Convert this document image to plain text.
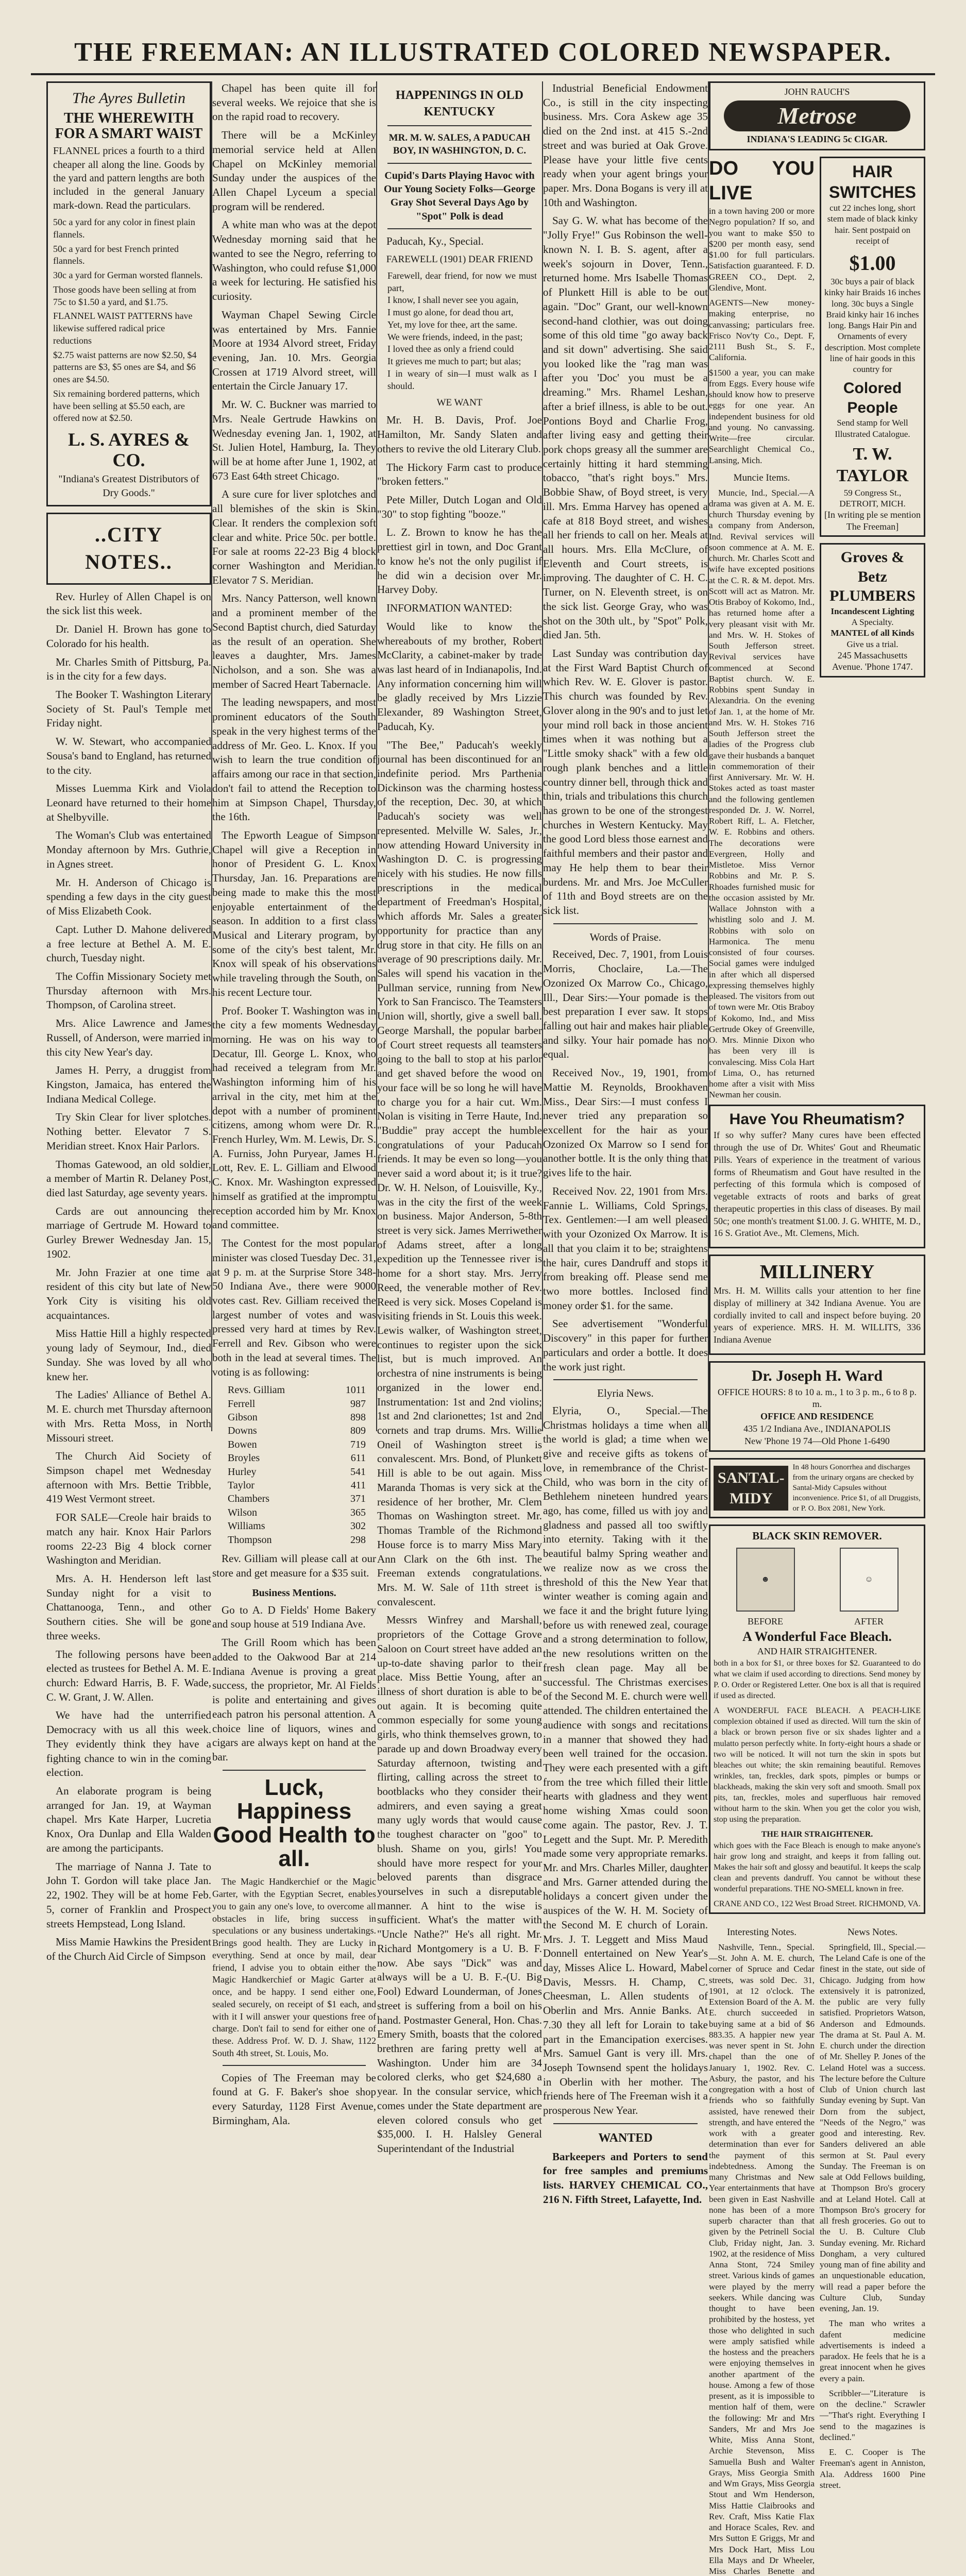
THE FREEMAN: AN ILLUSTRATED COLORED NEWSPAPER.
The Ayres Bulletin
THE WHEREWITH FOR A SMART WAIST

FLANNEL prices a fourth to a third cheaper all along the line. Goods by the yard and pattern lengths are both included in the general January mark-down. Read the particulars.

50c a yard for any color in finest plain flannels.

50c a yard for best French printed flannels.

30c a yard for German worsted flannels.

Those goods have been selling at from 75c to $1.50 a yard, and $1.75.

FLANNEL WAIST PATTERNS have likewise suffered radical price reductions

$2.75 waist patterns are now $2.50, $4 patterns are $3, $5 ones are $4, and $6 ones are $4.50.

Six remaining bordered patterns, which have been selling at $5.50 each, are offered now at $2.50.

L. S. AYRES & CO.
"Indiana's Greatest Distributors of Dry Goods."
..CITY NOTES..

Rev. Hurley of Allen Chapel is on the sick list this week.

Dr. Daniel H. Brown has gone to Colorado for his health.

Mr. Charles Smith of Pittsburg, Pa. is in the city for a few days.

The Booker T. Washington Literary Society of St. Paul's Temple met Friday night.

W. W. Stewart, who accompanied Sousa's band to England, has returned to the city.

Misses Luemma Kirk and Viola Leonard have returned to their home at Shelbyville.

The Woman's Club was entertained Monday afternoon by Mrs. Guthrie, in Agnes street.

Mr. H. Anderson of Chicago is spending a few days in the city guest of Miss Elizabeth Cook.

Capt. Luther D. Mahone delivered a free lecture at Bethel A. M. E. church, Tuesday night.

The Coffin Missionary Society met Thursday afternoon with Mrs. Thompson, of Carolina street.

Mrs. Alice Lawrence and James Russell, of Anderson, were married in this city New Year's day.

James H. Perry, a druggist from Kingston, Jamaica, has entered the Indiana Medical College.

Try Skin Clear for liver splotches. Nothing better. Elevator 7 S. Meridian street. Knox Hair Parlors.

Thomas Gatewood, an old soldier, a member of Martin R. Delaney Post, died last Saturday, age seventy years.

Cards are out announcing the marriage of Gertrude M. Howard to Gurley Brewer Wednesday Jan. 15, 1902.

Mr. John Frazier at one time a resident of this city but late of New York City is visiting his old acquaintances.

Miss Hattie Hill a highly respected young lady of Seymour, Ind., died Sunday. She was loved by all who knew her.

The Ladies' Alliance of Bethel A. M. E. church met Thursday afternoon with Mrs. Retta Moss, in North Missouri street.

The Church Aid Society of Simpson chapel met Wednesday afternoon with Mrs. Bettie Tribble, 419 West Vermont street.

FOR SALE—Creole hair braids to match any hair. Knox Hair Parlors rooms 22-23 Big 4 block corner Washington and Meridian.

Mrs. A. H. Henderson left last Sunday night for a visit to Chattanooga, Tenn., and other Southern cities. She will be gone three weeks.

The following persons have been elected as trustees for Bethel A. M. E. church: Edward Harris, B. F. Wade, C. W. Grant, J. W. Allen.

We have had the unterrified Democracy with us all this week. They evidently think they have a fighting chance to win in the coming election.

An elaborate program is being arranged for Jan. 19, at Wayman chapel. Mrs Kate Harper, Lucretia Knox, Ora Dunlap and Ella Walden are among the participants.

The marriage of Nanna J. Tate to John T. Gordon will take place Jan. 22, 1902. They will be at home Feb. 5, corner of Franklin and Prospect streets Hempstead, Long Island.

Miss Mamie Hawkins the President of the Church Aid Circle of Simpson

Chapel has been quite ill for several weeks. We rejoice that she is on the rapid road to recovery.

There will be a McKinley memorial service held at Allen Chapel on McKinley memorial Sunday under the auspices of the Allen Chapel Lyceum a special program will be rendered.

A white man who was at the depot Wednesday morning said that he wanted to see the Negro, referring to Washington, who could refuse $1,000 a week for lecturing. He satisfied his curiosity.

Wayman Chapel Sewing Circle was entertained by Mrs. Fannie Moore at 1934 Alvord street, Friday evening, Jan. 10. Mrs. Georgia Crossen at 1719 Alvord street, will entertain the Circle January 17.

Mr. W. C. Buckner was married to Mrs. Neale Gertrude Hawkins on Wednesday evening Jan. 1, 1902, at St. Julien Hotel, Hamburg, Ia. They will be at home after June 1, 1902, at 673 East 64th street Chicago.

A sure cure for liver splotches and all blemishes of the skin is Skin Clear. It renders the complexion soft clear and white. Price 50c. per bottle. For sale at rooms 22-23 Big 4 block corner Washington and Meridian. Elevator 7 S. Meridian.

Mrs. Nancy Patterson, well known and a prominent member of the Second Baptist church, died Saturday as the result of an operation. She leaves a daughter, Mrs. James Nicholson, and a son. She was a member of Sacred Heart Tabernacle.

The leading newspapers, and most prominent educators of the South speak in the very highest terms of the address of Mr. Geo. L. Knox. If you wish to learn the true condition of affairs among our race in that section, don't fail to attend the Reception to him at Simpson Chapel, Thursday, the 16th.

The Epworth League of Simpson Chapel will give a Reception in honor of President G. L. Knox Thursday, Jan. 16. Preparations are being made to make this the most enjoyable entertainment of the season. In addition to a first class Musical and Literary program, by some of the city's best talent, Mr. Knox will speak of his observations while traveling through the South, on his recent Lecture tour.

Prof. Booker T. Washington was in the city a few moments Wednesday morning. He was on his way to Decatur, Ill. George L. Knox, who had received a telegram from Mr. Washington informing him of his arrival in the city, met him at the depot with a number of prominent citizens, among whom were Dr. R. French Hurley, Wm. M. Lewis, Dr. S. A. Furniss, John Puryear, James H. Lott, Rev. E. L. Gilliam and Elwood C. Knox. Mr. Washington expressed himself as gratified at the impromptu reception accorded him by Mr. Knox and committee.

The Contest for the most popular minister was closed Tuesday Dec. 31, at 9 p. m. at the Surprise Store 348-50 Indiana Ave., there were 9000 votes cast. Rev. Gilliam received the largest number of votes and was pressed very hard at times by Rev. Ferrell and Rev. Gibson who were both in the lead at several times. The voting is as following:

Revs. Gilliam	1011
Ferrell	987
Gibson	898
Downs	809
Bowen	719
Broyles	611
Hurley	541
Taylor	411
Chambers	371
Wilson	365
Williams	302
Thompson	298

Rev. Gilliam will please call at our store and get measure for a $35 suit.

Business Mentions.

Go to A. D Fields' Home Bakery and soup house at 519 Indiana Ave.

The Grill Room which has been added to the Oakwood Bar at 214 Indiana Avenue is proving a great success, the proprietor, Mr. Al Fields is polite and entertaining and gives each patron his personal attention. A choice line of liquors, wines and cigars are always kept on hand at the bar.

Luck, Happiness Good Health to all.

The Magic Handkerchief or the Magic Garter, with the Egyptian Secret, enables you to gain any one's love, to overcome all obstacles in life, bring success in speculations or any business undertakings. Brings good health. They are Lucky in everything. Send at once by mail, dear friend, I advise you to obtain either the Magic Handkerchief or Magic Garter at once, and be happy. I send either one, sealed securely, on receipt of $1 each, and with it I will answer your questions free of charge. Don't fail to send for either one of these. Address Prof. W. D. J. Shaw, 1122 South 4th street, St. Louis, Mo.

Copies of The Freeman may be found at G. F. Baker's shoe shop every Saturday, 1128 First Avenue, Birmingham, Ala.

HAPPENINGS IN OLD KENTUCKY
MR. M. W. SALES, A PADUCAH BOY, IN WASHINGTON, D. C.
Cupid's Darts Playing Havoc with Our Young Society Folks—George Gray Shot Several Days Ago by "Spot" Polk is dead

Paducah, Ky., Special.

FAREWELL (1901) DEAR FRIEND
Farewell, dear friend, for now we must part,
I know, I shall never see you again,
I must go alone, for dead thou art,
Yet, my love for thee, art the same.
We were friends, indeed, in the past;
I loved thee as only a friend could
It grieves me much to part; but alas;
I in weary of sin—I must walk as I should.
WE WANT

Mr. H. B. Davis, Prof. Joe Hamilton, Mr. Sandy Slaten and others to revive the old Literary Club.

The Hickory Farm cast to produce "broken fetters."

Pete Miller, Dutch Logan and Old "30" to stop fighting "booze."

L. Z. Brown to know he has the prettiest girl in town, and Doc Grant to know he's not the only pugilist if he did win a decision over Mr. Harvey Doby.

INFORMATION WANTED:

Would like to know the whereabouts of my brother, Robert McClarity, a cabinet-maker by trade was last heard of in Indianapolis, Ind. Any information concerning him will be gladly received by Mrs Lizzie Elexander, 89 Washington Street, Paducah, Ky.

"The Bee," Paducah's weekly journal has been discontinued for an indefinite period. Mrs Parthenia Dickinson was the charming hostess of the reception, Dec. 30, at which Paducah's society was well represented. Melville W. Sales, Jr., now attending Howard University in Washington D. C. is progressing nicely with his studies. He now fills prescriptions in the medical department of Freedman's Hospital, which affords Mr. Sales a greater opportunity for practice than any drug store in that city. He fills on an average of 90 prescriptions daily. Mr. Sales will spend his vacation in the Pullman service, running from New York to San Francisco. The Teamsters Union will, shortly, give a swell ball. George Marshall, the popular barber of Court street requests all teamsters going to the ball to stop at his parlor and get shaved before the wood on your face will be so long he will have to charge you for a hair cut. Wm. Nolan is visiting in Terre Haute, Ind. "Buddie" pray accept the humble congratulations of your Paducah friends. It may be even so long—you never said a word about it; is it true? Dr. W. H. Nelson, of Louisville, Ky., was in the city the first of the week on business. Major Anderson, 5-8th street is very sick. James Merriwether of Adams street, after a long expedition up the Tennessee river is home for a short stay. Mrs. Jerry Reed, the venerable mother of Rev. Reed is very sick. Moses Copeland is visiting friends in St. Louis this week. Lewis walker, of Washington street, continues to register upon the sick list, but is much improved. An orchestra of nine instruments is being organized in the lower end. Instrumentation: 1st and 2nd violins; 1st and 2nd clarionettes; 1st and 2nd cornets and trap drums. Mrs. Willie Oneil of Washington street is convalescent. Mrs. Bond, of Plunkett Hill is able to be out again. Miss Maranda Thomas is very sick at the residence of her brother, Mr. Clem Thomas on Washington street. Mr. Thomas Tramble of the Richmond House force is to marry Miss Mary Ann Clark on the 6th inst. The Freeman extends congratulations. Mrs. M. W. Sale of 11th street is convalescent.

Messrs Winfrey and Marshall, proprietors of the Cottage Grove Saloon on Court street have added an up-to-date shaving parlor to their place. Miss Bettie Young, after an illness of short duration is able to be out again. It is becoming quite common especially for some young girls, who think themselves grown, to parade up and down Broadway every Saturday afternoon, twisting and flirting, calling across the street to bootblacks who they consider their admirers, and even saying a great many ugly words that would cause the toughest character on "goo" to blush. Shame on you, girls! You should have more respect for your beloved parents than disgrace yourselves in such a disreputable manner. A hint to the wise is sufficient. What's the matter with "Uncle Nathe?" He's all right. Mr. Richard Montgomery is a U. B. F. now. Abe says "Dick" was and always will be a U. B. F.-(U. Big Fool) Edward Lounderman, of Jones street is suffering from a boil on his hand. Postmaster General, Hon. Chas. Emery Smith, boasts that the colored brethren are faring pretty well at Washington. Under him are 34 colored clerks, who get $24,680 a year. In the consular service, which comes under the State department are eleven colored consuls who get $35,000. I. H. Halsley General Superintendant of the Industrial

Industrial Beneficial Endowment Co., is still in the city inspecting business. Mrs. Cora Askew age 35 died on the 2nd inst. at 415 S.-2nd street and was buried at Oak Grove. Please have your little five cents ready when your agent brings your paper. Mrs. Dona Bogans is very ill at 10th and Washington.

Say G. W. what has become of the "Jolly Frye!" Gus Robinson the well-known N. I. B. S. agent, after a week's sojourn in Dover, Tenn., returned home. Mrs Isabelle Thomas of Plunkett Hill is able to be out again. "Doc" Grant, our well-known second-hand clothier, was out doing some of this old time "go away back and sit down" advertising. She said you looked like the "rag man was after you 'Doc' you must be a dreaming." Mrs. Rhamel Leshan, after a brief illness, is able to be out. Pontions Boyd and Charlie Frog, after living easy and getting their pork chops greasy all the summer are certainly hitting it hard stemming tobacco, "that's right boys." Mrs. Bobbie Shaw, of Boyd street, is very ill. Mrs. Emma Harvey has opened a cafe at 818 Boyd street, and wishes all her friends to call on her. Meals at all hours. Mrs. Ella McClure, of Eleventh and Court streets, is improving. The daughter of C. H. C. Turner, on N. Eleventh street, is on the sick list. George Gray, who was shot on the 30th ult., by "Spot" Polk, died Jan. 5th.

Last Sunday was contribution day at the First Ward Baptist Church of which Rev. W. E. Glover is pastor. This church was founded by Rev. Glover along in the 90's and to just let your mind roll back in those ancient times when it was nothing but a "Little smoky shack" with a few old rough plank benches and a little country dinner bell, through thick and thin, trials and tribulations this church has grown to be one of the strongest churches in Western Kentucky. May the good Lord bless those earnest and faithful members and their pastor and may He help them to bear their burdens. Mr. and Mrs. Joe McCuller of 11th and Boyd streets are on the sick list.

Words of Praise.

Received, Dec. 7, 1901, from Louis Morris, Choclaire, La.—The Ozonized Ox Marrow Co., Chicago, Ill., Dear Sirs:—Your pomade is the best preparation I ever saw. It stops falling out hair and makes hair pliable and silky. Your hair pomade has no equal.

Received Nov., 19, 1901, from Mattie M. Reynolds, Brookhaven Miss., Dear Sirs:—I must confess I never tried any preparation so excellent for the hair as your Ozonized Ox Marrow so I send for another bottle. It is the only thing that gives life to the hair.

Received Nov. 22, 1901 from Mrs. Fannie L. Williams, Cold Springs, Tex. Gentlemen:—I am well pleased with your Ozonized Ox Marrow. It is all that you claim it to be; straightens the hair, cures Dandruff and stops it from breaking off. Please send me two more bottles. Inclosed find money order $1. for the same.

See advertisement "Wonderful Discovery" in this paper for further particulars and order a bottle. It does the work just right.

Elyria News.

Elyria, O., Special.—The Christmas holidays a time when all the world is glad; a time when we give and receive gifts as tokens of love, in remembrance of the Christ-Child, who was born in the city of Bethlehem nineteen hundred years ago, has come, filled us with joy and gladness and passed all too swiftly into eternity. Taking with it the beautiful balmy Spring weather and we realize now as we cross the threshold of this the New Year that winter weather is coming again and we face it and the bright future lying before us with renewed zeal, courage and a strong determination to follow, the new resolutions written on the fresh clean page. May all be successful. The Christmas exercises of the Second M. E. church were well attended. The children entertained the audience with songs and recitations in a manner that showed they had been well trained for the occasion. They were each presented with a gift from the tree which filled their little hearts with gladness and they went home wishing Xmas could soon come again. The pastor, Rev. J. T. Legett and the Supt. Mr. P. Meredith made some very appropriate remarks. Mr. and Mrs. Charles Miller, daughter and Mrs. Garner attended during the holidays a concert given under the auspices of the W. H. M. Society of the Second M. E church of Lorain. Mrs. J. T. Leggett and Miss Maud Donnell entertained on New Year's day, Misses Alice L. Howard, Mabel Davis, Messrs. H. Champ, C. Cheesman, L. Allen students of Oberlin and Mrs. Annie Banks. At 7.30 they all left for Lorain to take part in the Emancipation exercises. Mrs. Samuel Gant is very ill. Mrs. Joseph Townsend spent the holidays in Oberlin with her mother. The friends here of The Freeman wish it a prosperous New Year.

WANTED

Barkeepers and Porters to send for free samples and premiums lists. HARVEY CHEMICAL CO., 216 N. Fifth Street, Lafayette, Ind.

JOHN RAUCH'S
Metrose
INDIANA'S LEADING 5c CIGAR.
DO YOU LIVE

in a town having 200 or more Negro population? If so, and you want to make $50 to $200 per month easy, send $1.00 for full particulars. Satisfaction guaranteed. F. D. GREEN CO., Dept. 2, Glendive, Mont.

AGENTS—New money-making enterprise, no canvassing; particulars free. Frisco Nov'ty Co., Dept. F, 2111 Bush St., S. F., California.

$1500 a year, you can make from Eggs. Every house wife should know how to preserve eggs for one year. An independent business for old and young. No canvassing. Write—free circular. Searchlight Chemical Co., Lansing, Mich.

Muncie Items.

Muncie, Ind., Special.—A drama was given at A. M. E. church Thursday evening by a company from Anderson, Ind. Revival services will soon commence at A. M. E. church. Mr. Charles Scott and wife have excepted positions at the C. R. & M. depot. Mrs. Scott will act as Matron. Mr. Otis Braboy of Kokomo, Ind., has returned home after a very pleasant visit with Mr. and Mrs. W. H. Stokes of South Jefferson street. Revival services have commenced at Second Baptist church. W. E. Robbins spent Sunday in Alexandria. On the evening of Jan. 1, at the home of Mr. and Mrs. W. H. Stokes 716 South Jefferson street the ladies of the Progress club gave their husbands a banquet in commemoration of their first Anniversary. Mr. W. H. Stokes acted as toast master and the following gentlemen responded Dr. J. W. Norrel, Robert Riff, L. A. Fletcher, W. E. Robbins and others. The decorations were Evergreen, Holly and Mistletoe. Miss Vernor Robbins and Mr. P. S. Rhoades furnished music for the occasion assisted by Mr. Wallace Johnston with a whistling solo and J. M. Robbins with solo on Harmonica. The menu consisted of four courses. Social games were indulged in after which all dispersed expressing themselves highly pleased. The visitors from out of town were Mr. Otis Braboy of Kokomo, Ind., and Miss Gertrude Okey of Greenville, O. Mrs. Minnie Dixon who has been very ill is convalescing. Miss Cola Hart of Lima, O., has returned home after a visit with Miss Newman her cousin.

HAIR SWITCHES

cut 22 inches long, short stem made of black kinky hair. Sent postpaid on receipt of

$1.00

30c buys a pair of black kinky hair Braids 16 inches long. 30c buys a Single Braid kinky hair 16 inches long. Bangs Hair Pin and Ornaments of every description. Most complete line of hair goods in this country for

Colored People

Send stamp for Well Illustrated Catalogue.

T. W. TAYLOR
59 Congress St., DETROIT, MICH.
[In writing ple se mention The Freeman]
Groves & Betz
PLUMBERS
Incandescent Lighting
A Specialty.
MANTEL of all Kinds
Give us a trial.
245 Massachusetts Avenue. 'Phone 1747.
Have You Rheumatism?

If so why suffer? Many cures have been effected through the use of Dr. Whites' Gout and Rheumatic Pills. Years of experience in the treatment of various forms of Rheumatism and Gout have resulted in the perfecting of this formula which is composed of vegetable extracts of roots and barks of great therapeutic properties in this class of diseases. By mail 50c; one month's treatment $1.00. J. G. WHITE, M. D., 16 S. Gratiot Ave., Mt. Clemens, Mich.

MILLINERY

Mrs. H. M. Willits calls your attention to her fine display of millinery at 342 Indiana Avenue. You are cordially invited to call and inspect before buying. 20 years of experience. MRS. H. M. WILLITS, 336 Indiana Avenue

Dr. Joseph H. Ward
OFFICE HOURS: 8 to 10 a. m., 1 to 3 p. m., 6 to 8 p. m.
OFFICE AND RESIDENCE
435 1/2 Indiana Ave., INDIANAPOLIS
New 'Phone 19 74—Old Phone 1-6490
SANTAL-MIDY
In 48 hours Gonorrhea and discharges from the urinary organs are checked by Santal-Midy Capsules without inconvenience. Price $1, of all Druggists, or P. O. Box 2081, New York.
BLACK SKIN REMOVER.
☻
BEFORE
☺
AFTER
A Wonderful Face Bleach.
AND HAIR STRAIGHTENER.

both in a box for $1, or three boxes for $2. Guaranteed to do what we claim if used according to directions. Send money by P. O. Order or Registered Letter. One box is all that is required if used as directed.

A WONDERFUL FACE BLEACH. A PEACH-LIKE complexion obtained if used as directed. Will turn the skin of a black or brown person five or six shades lighter and a mulatto person perfectly white. In forty-eight hours a shade or two will be noticed. It will not turn the skin in spots but bleaches out white; the skin remaining beautiful. Removes wrinkles, tan, freckles, dark spots, pimples or bumps or blackheads, making the skin very soft and smooth. Small pox pits, tan, freckles, moles and superfluous hair removed without harm to the skin. When you get the color you wish, stop using the preparation.

THE HAIR STRAIGHTENER.

which goes with the Face Bleach is enough to make anyone's hair grow long and straight, and keeps it from falling out. Makes the hair soft and glossy and beautiful. It keeps the scalp clean and prevents dandruff. You cannot be without these wonderful preparations. THE NO-SMELL known in free.

CRANE AND CO., 122 West Broad Street. RICHMOND, VA.
Interesting Notes.

Nashville, Tenn., Special.—St. John A. M. E. church, corner of Spruce and Cedar streets, was sold Dec. 31, 1901, at 12 o'clock. The Extension Board of the A. M. E. church succeeded in buying same at a bid of $6 883.35. A happier new year was never spent in St. John chapel than the one of January 1, 1902. Rev. C. Asbury, the pastor, and his congregation with a host of friends who so faithfully assisted, have renewed their strength, and have entered the work with a greater determination than ever for the payment of this indebtedness. Among the many Christmas and New Year entertainments that have been given in East Nashville none has been of a more superb character than that given by the Petrinell Social Club, Friday night, Jan. 3. 1902, at the residence of Miss Anna Stont, 724 Smiley street. Various kinds of games were played by the merry seekers. While dancing was thought to have been prohibited by the hostess, yet those who delighted in such were amply satisfied while the hostess and the preachers were enjoying themselves in another apartment of the house. Among a few of those present, as it is impossible to mention half of them, were the following: Mr and Mrs Sanders, Mr and Mrs Joe White, Miss Anna Stont, Archie Stevenson, Miss Samuella Bush and Walter Grays, Miss Georgia Smith and Wm Grays, Miss Georgia Stout and Wm Henderson, Miss Hattie Claibrooks and Rev. Craft, Miss Katie Flax and Horace Scales, Rev. and Mrs Sutton E Griggs, Mr and Mrs Dock Hart, Miss Lou Ella Mays and Dr Wheeler, Miss Charles Benette and

News Notes.

Springfield, Ill., Special.—The Leland Cafe is one of the finest in the state, out side of Chicago. Judging from how extensively it is patronized, the public are very fully satisfied. Proprietors Watson, Anderson and Edmounds. The drama at St. Paul A. M. E. church under the direction of Mr. Shelley P. Jones of the Leland Hotel was a success. The lecture before the Culture Club of Union church last Sunday evening by Supt. Van Dorn from the subject, "Needs of the Negro," was good and interesting. Rev. Sanders delivered an able sermon at St. Paul every Sunday. The Freeman is on sale at Odd Fellows building, at Thompson Bro's grocery and at Leland Hotel. Call at Thompson Bro's grocery for all fresh groceries. Go out to the U. B. Culture Club Sunday evening. Mr. Richard Dongham, a very cultured young man of fine ability and an unquestionable education, will read a paper before the Culture Club, Sunday evening, Jan. 19.

The man who writes a dafent medicine advertisements is indeed a paradox. He feels that he is a great innocent when he gives every a pain.

Scribbler—"Literature is on the decline." Scrawler—"That's right. Everything I send to the magazines is declined."

E. C. Cooper is The Freeman's agent in Anniston, Ala. Address 1600 Pine street.
